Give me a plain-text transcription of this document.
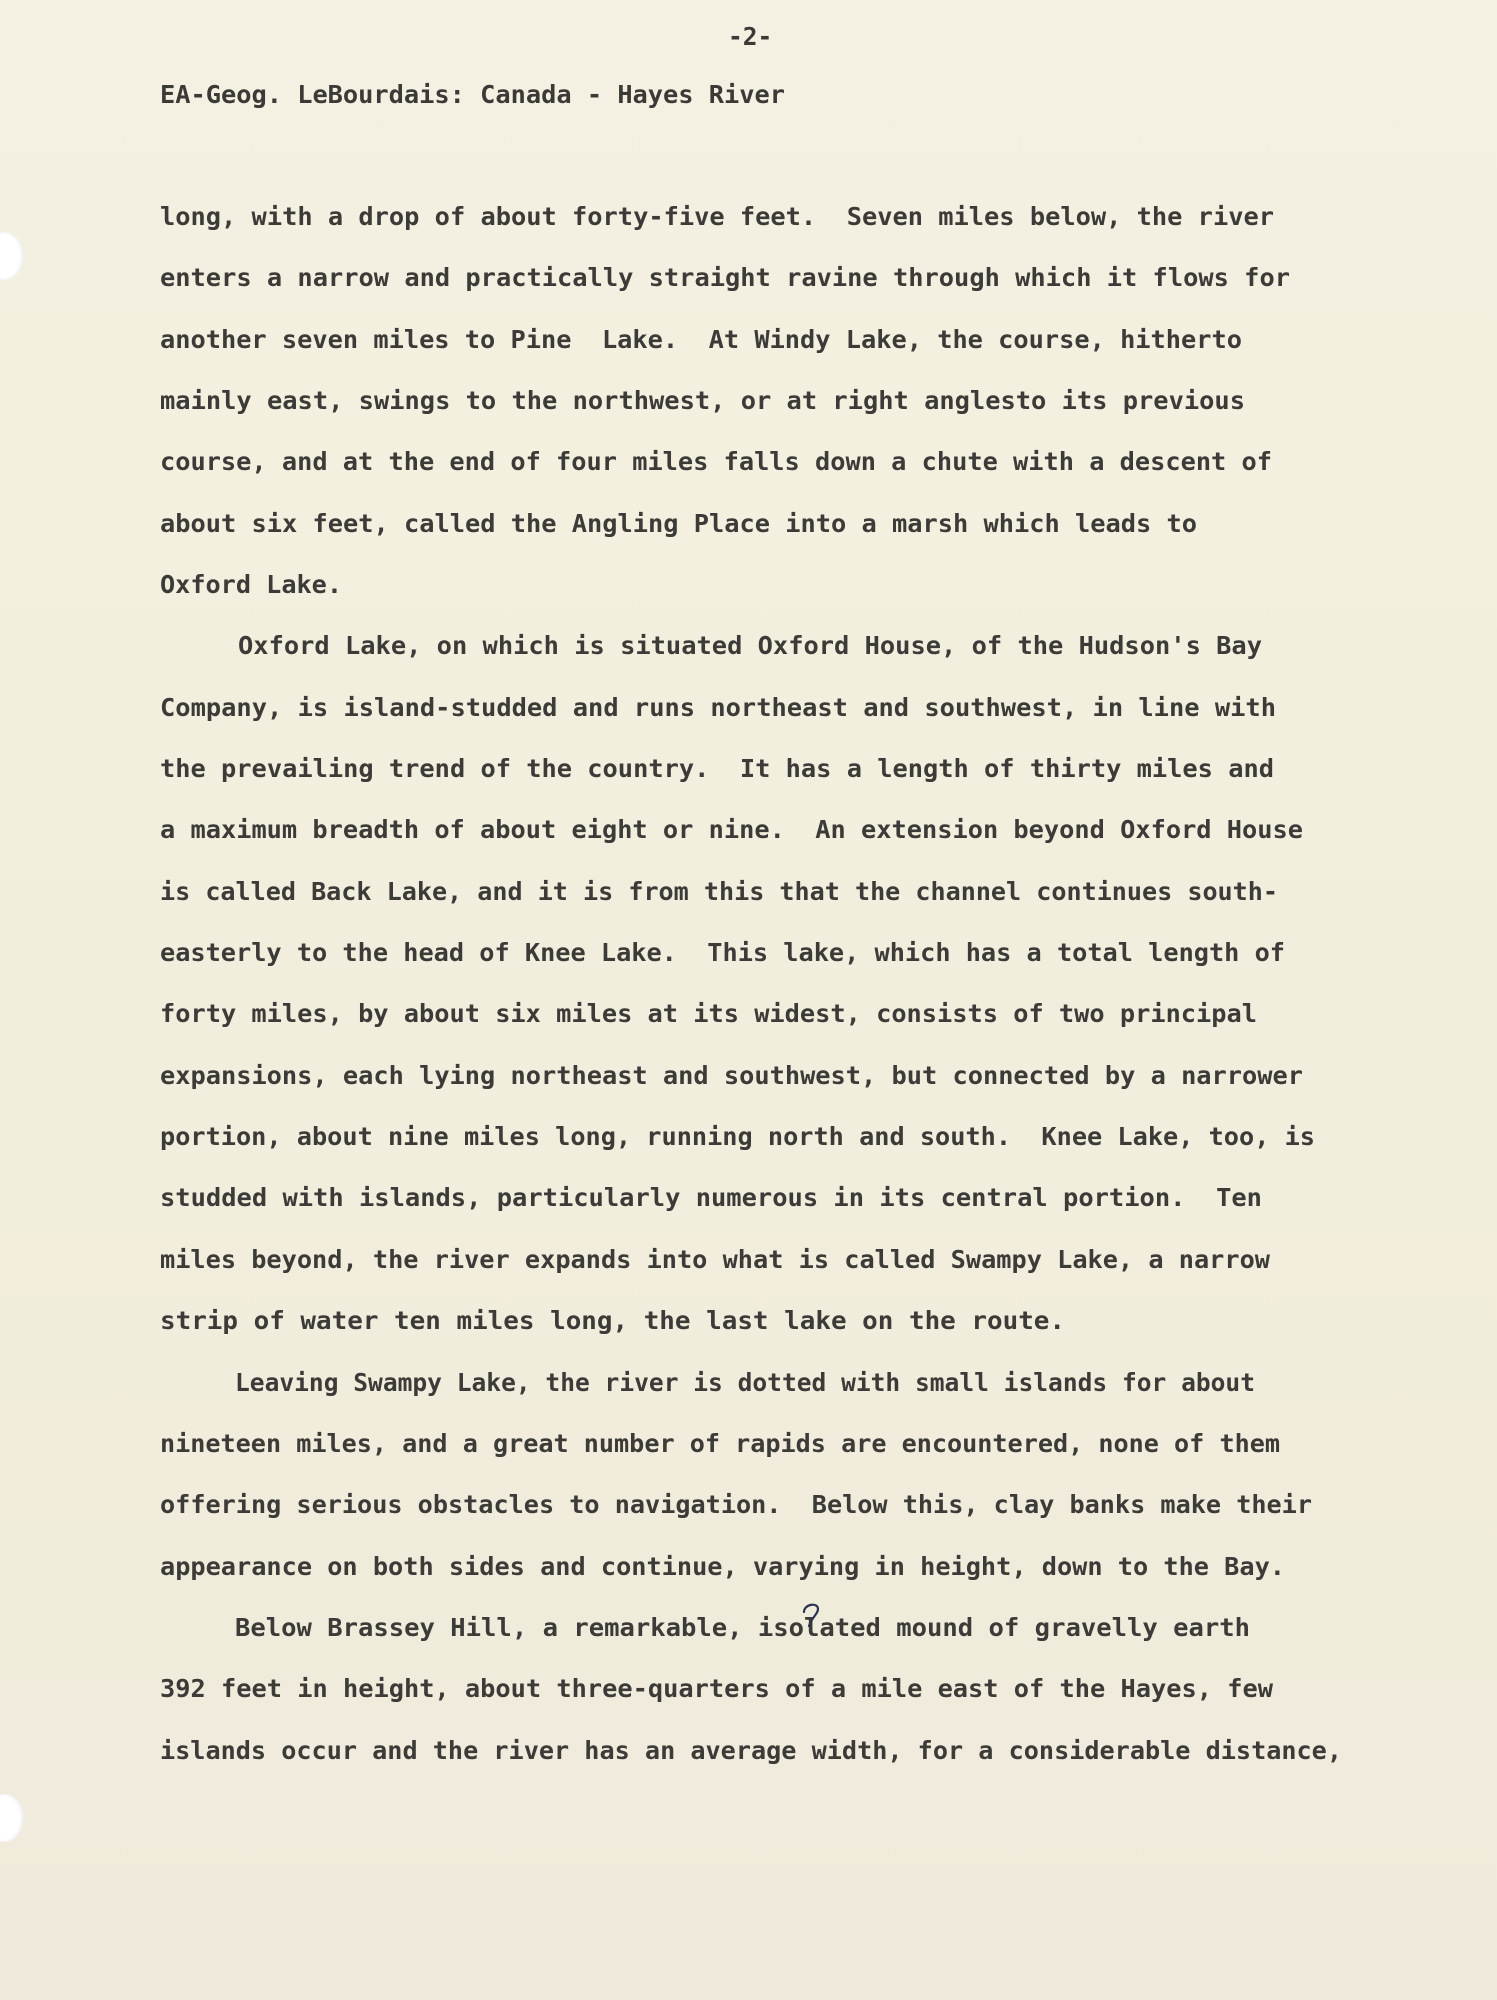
-2-
EA-Geog. LeBourdais: Canada - Hayes River
long, with a drop of about forty-five feet.  Seven miles below, the river
enters a narrow and practically straight ravine through which it flows for
another seven miles to Pine  Lake.  At Windy Lake, the course, hitherto
mainly east, swings to the northwest, or at right anglesto its previous
course, and at the end of four miles falls down a chute with a descent of
about six feet, called the Angling Place into a marsh which leads to
Oxford Lake.
Oxford Lake, on which is situated Oxford House, of the Hudson's Bay
Company, is island-studded and runs northeast and southwest, in line with
the prevailing trend of the country.  It has a length of thirty miles and
a maximum breadth of about eight or nine.  An extension beyond Oxford House
is called Back Lake, and it is from this that the channel continues south-
easterly to the head of Knee Lake.  This lake, which has a total length of
forty miles, by about six miles at its widest, consists of two principal
expansions, each lying northeast and southwest, but connected by a narrower
portion, about nine miles long, running north and south.  Knee Lake, too, is
studded with islands, particularly numerous in its central portion.  Ten
miles beyond, the river expands into what is called Swampy Lake, a narrow
strip of water ten miles long, the last lake on the route.
Leaving Swampy Lake, the river is dotted with small islands for about
nineteen miles, and a great number of rapids are encountered, none of them
offering serious obstacles to navigation.  Below this, clay banks make their
appearance on both sides and continue, varying in height, down to the Bay.
Below Brassey Hill, a remarkable, isolated mound of gravelly earth
392 feet in height, about three-quarters of a mile east of the Hayes, few
islands occur and the river has an average width, for a considerable distance,
